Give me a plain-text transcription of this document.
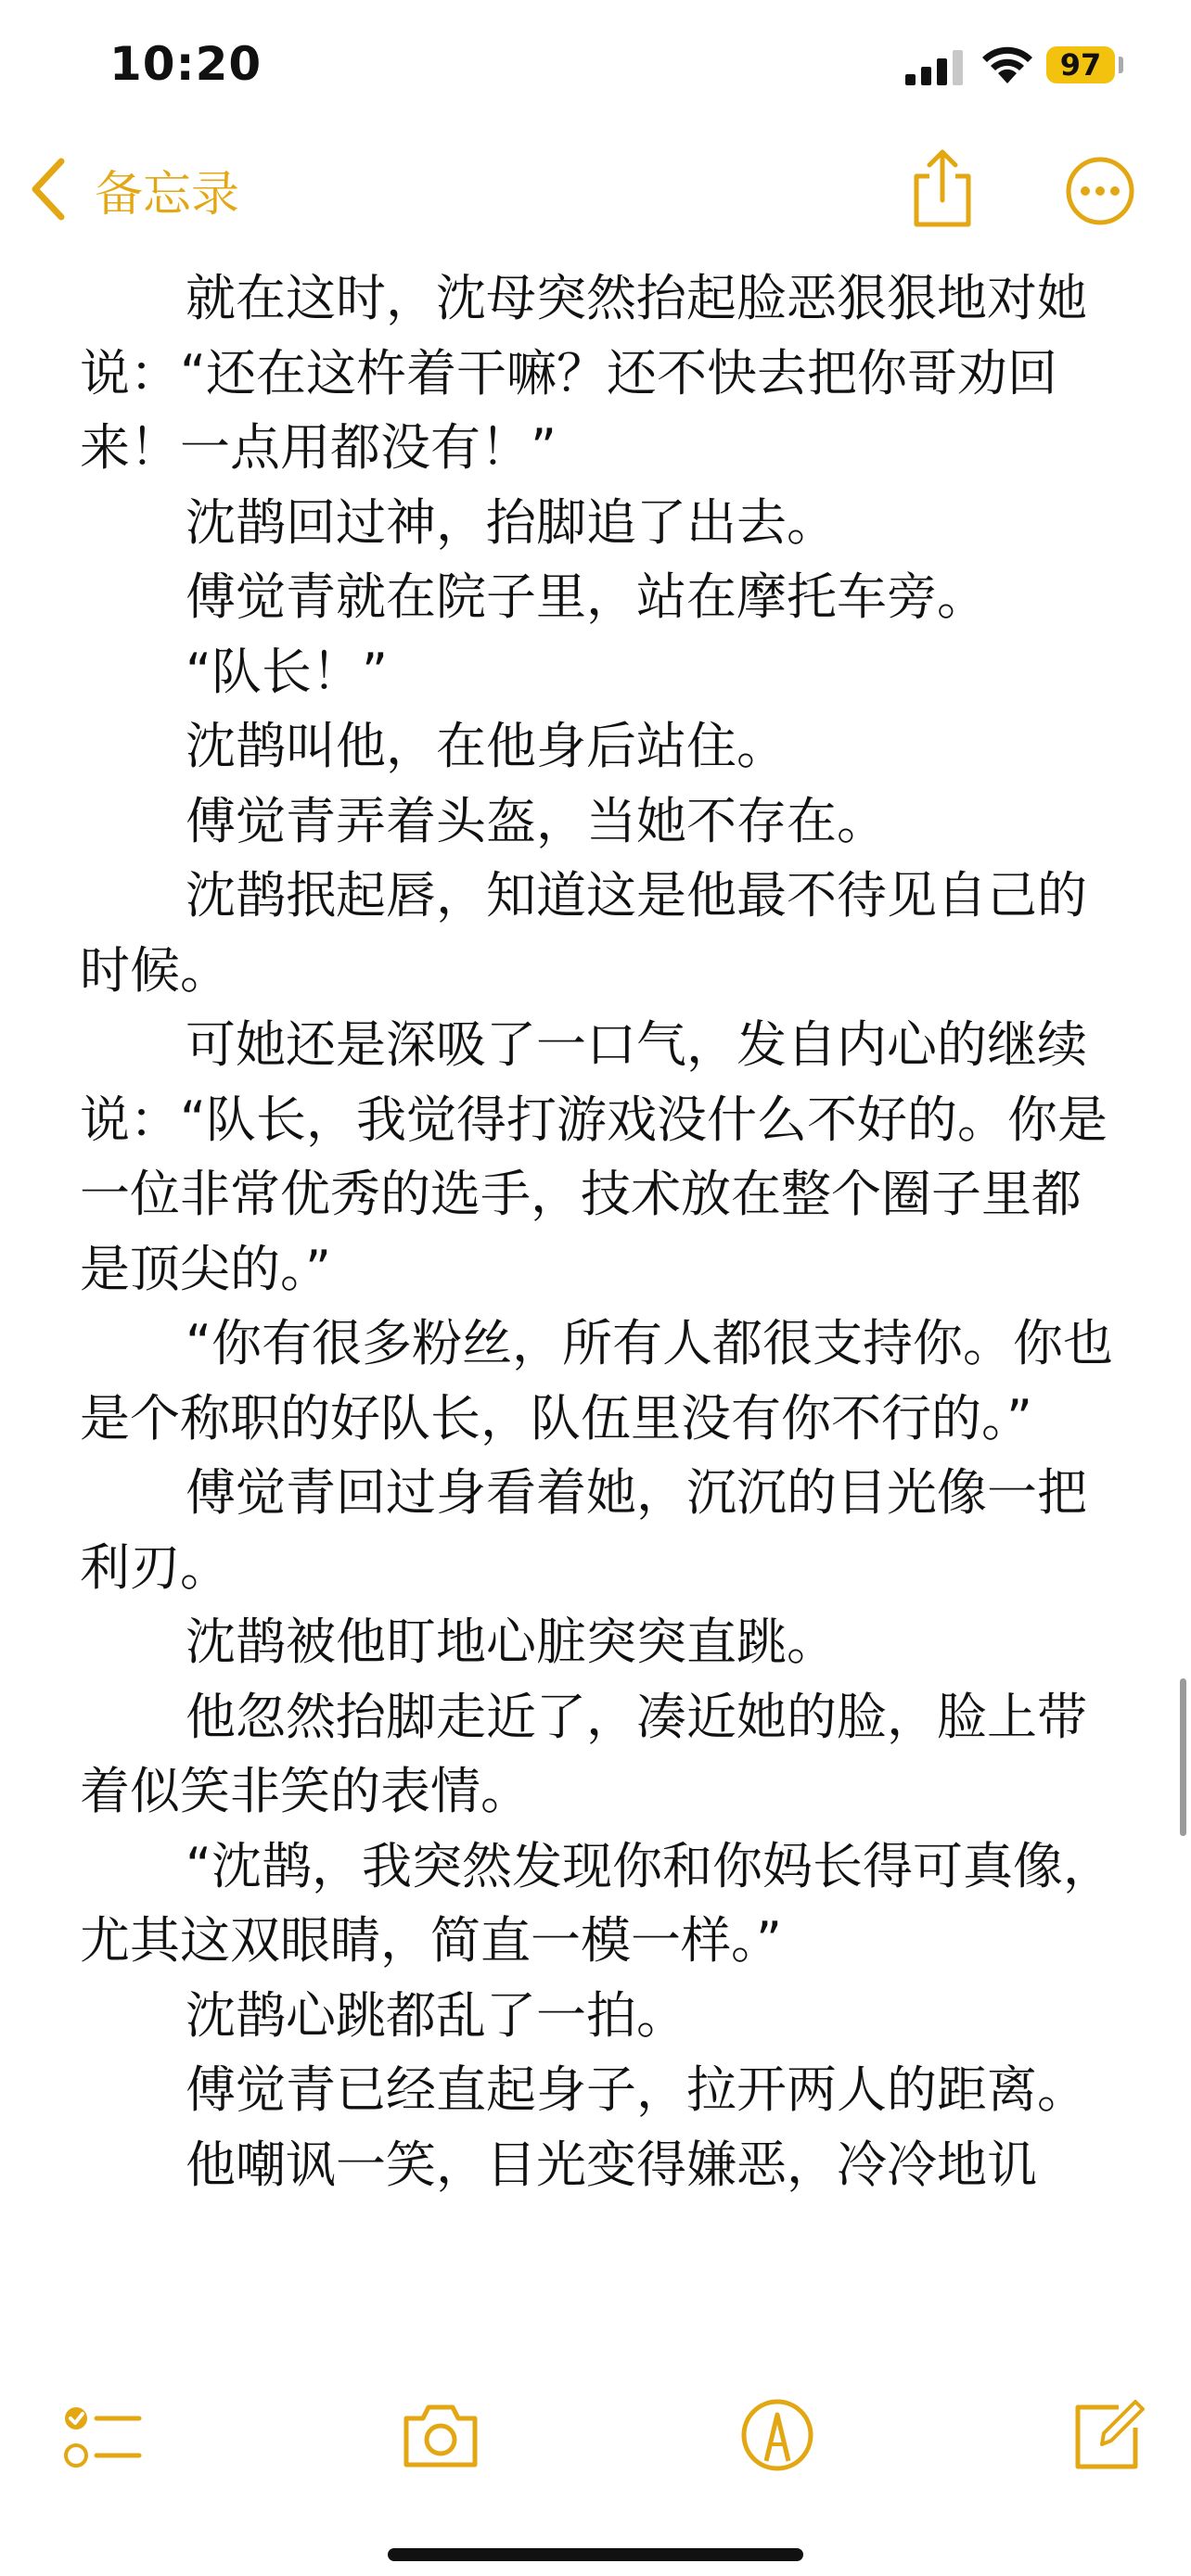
10:20	97
备忘录

就在这时，沈母突然抬起脸恶狠狠地对她说：“还在这杵着干嘛？还不快去把你哥劝回来！一点用都没有！”

沈鹊回过神，抬脚追了出去。

傅觉青就在院子里，站在摩托车旁。

“队长！”

沈鹊叫他，在他身后站住。

傅觉青弄着头盔，当她不存在。

沈鹊抿起唇，知道这是他最不待见自己的时候。

可她还是深吸了一口气，发自内心的继续说：“队长，我觉得打游戏没什么不好的。你是一位非常优秀的选手，技术放在整个圈子里都是顶尖的。”

“你有很多粉丝，所有人都很支持你。你也是个称职的好队长，队伍里没有你不行的。”

傅觉青回过身看着她，沉沉的目光像一把利刃。

沈鹊被他盯地心脏突突直跳。

他忽然抬脚走近了，凑近她的脸，脸上带着似笑非笑的表情。

“沈鹊，我突然发现你和你妈长得可真像，尤其这双眼睛，简直一模一样。”

沈鹊心跳都乱了一拍。

傅觉青已经直起身子，拉开两人的距离。

他嘲讽一笑，目光变得嫌恶，冷冷地讥
